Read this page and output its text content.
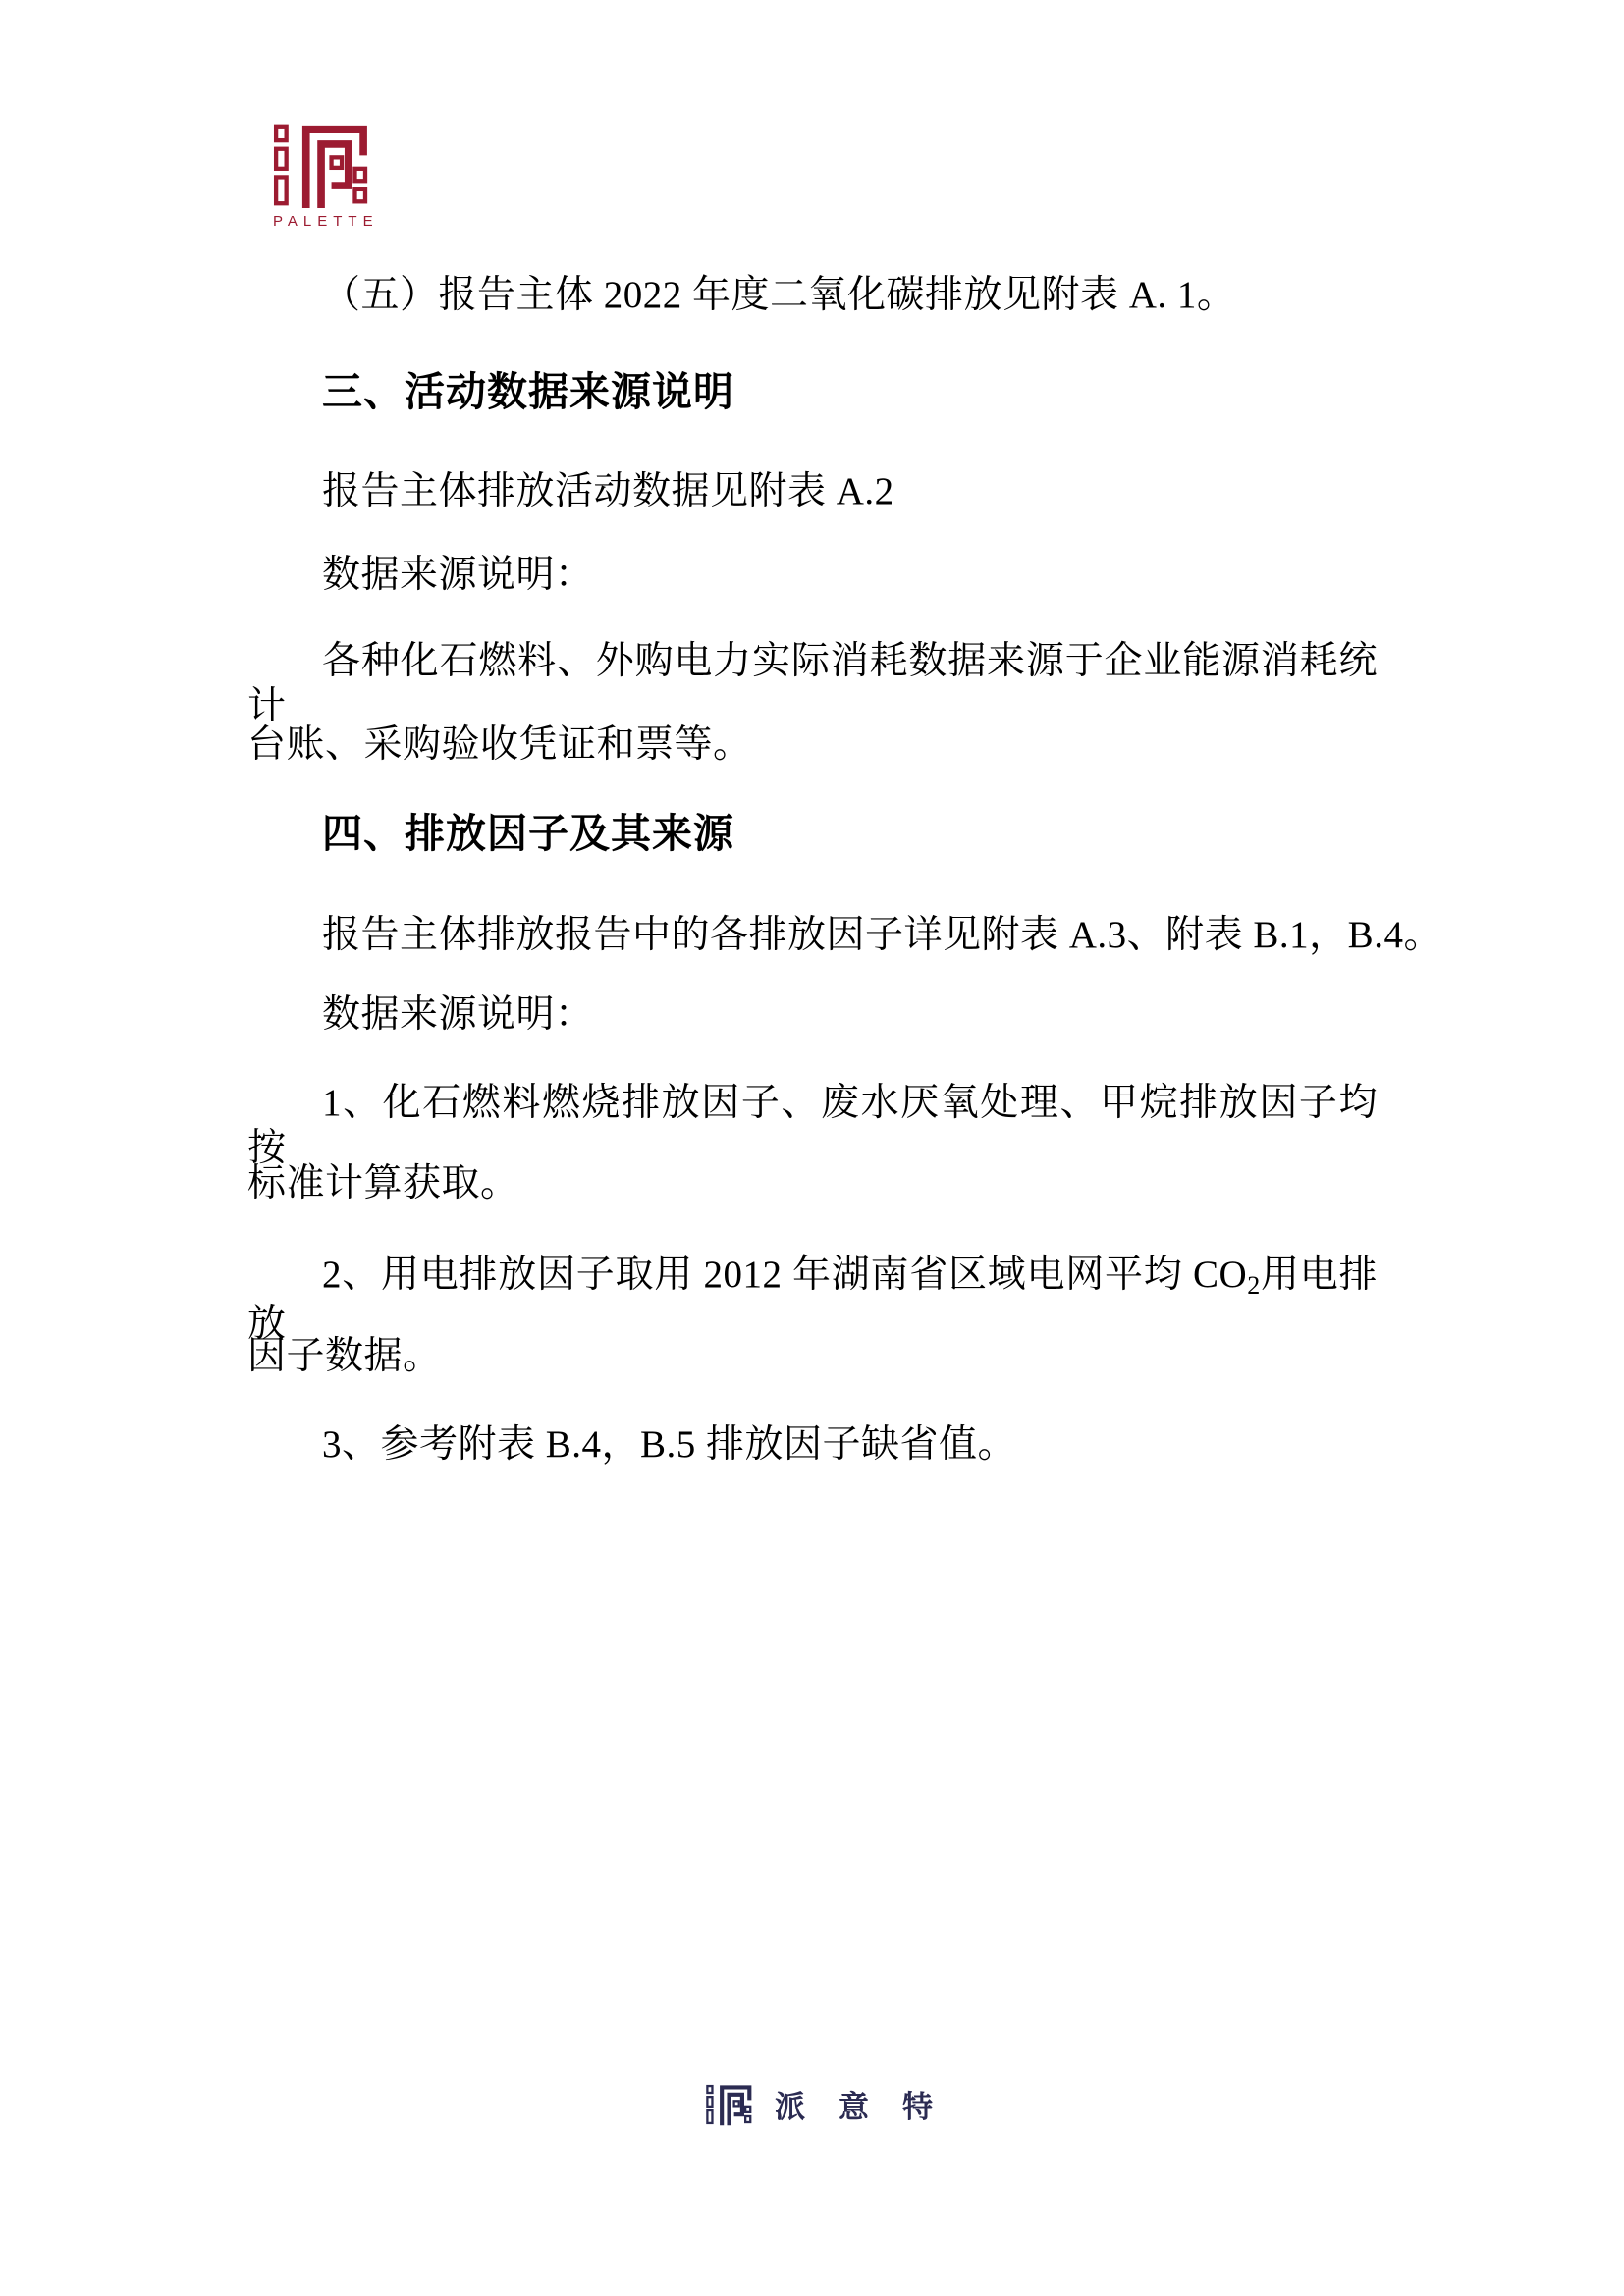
PALETTE
（五）报告主体 2022 年度二氧化碳排放见附表 A. 1。
三、活动数据来源说明
报告主体排放活动数据见附表 A.2
数据来源说明：
各种化石燃料、外购电力实际消耗数据来源于企业能源消耗统计
台账、采购验收凭证和票等。
四、排放因子及其来源
报告主体排放报告中的各排放因子详见附表 A.3、附表 B.1，B.4。
数据来源说明：
1、化石燃料燃烧排放因子、废水厌氧处理、甲烷排放因子均按
标准计算获取。
2、用电排放因子取用 2012 年湖南省区域电网平均 CO2用电排放
因子数据。
3、参考附表 B.4，B.5 排放因子缺省值。
派意特
